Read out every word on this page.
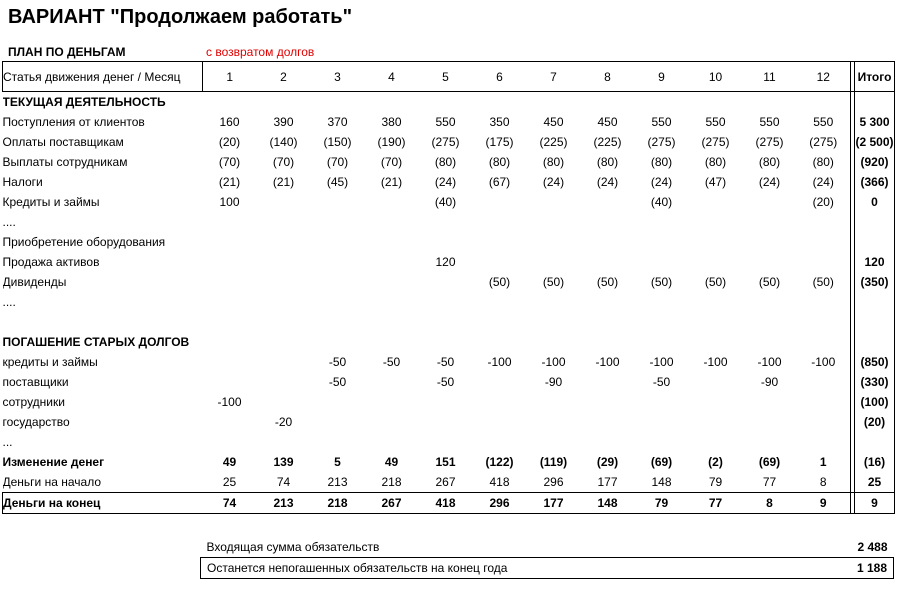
ВАРИАНТ "Продолжаем работать"
ПЛАН ПО ДЕНЬГАМ	с возвратом долгов
Статья движения денег / Месяц	1	2	3	4	5	6	7	8	9	10	11	12		Итого
ТЕКУЩАЯ ДЕЯТЕЛЬНОСТЬ														
Поступления от клиентов	160	390	370	380	550	350	450	450	550	550	550	550		5 300
Оплаты поставщикам	(20)	(140)	(150)	(190)	(275)	(175)	(225)	(225)	(275)	(275)	(275)	(275)		(2 500)
Выплаты сотрудникам	(70)	(70)	(70)	(70)	(80)	(80)	(80)	(80)	(80)	(80)	(80)	(80)		(920)
Налоги	(21)	(21)	(45)	(21)	(24)	(67)	(24)	(24)	(24)	(47)	(24)	(24)		(366)
Кредиты и займы	100				(40)				(40)			(20)		0
....														
Приобретение оборудования														
Продажа активов					120									120
Дивиденды						(50)	(50)	(50)	(50)	(50)	(50)	(50)		(350)
....														

ПОГАШЕНИЕ СТАРЫХ ДОЛГОВ														
кредиты и займы			-50	-50	-50	-100	-100	-100	-100	-100	-100	-100		(850)
поставщики			-50		-50		-90		-50		-90			(330)
сотрудники	-100													(100)
государство		-20												(20)
...														
Изменение денег	49	139	5	49	151	(122)	(119)	(29)	(69)	(2)	(69)	1		(16)
Деньги на начало	25	74	213	218	267	418	296	177	148	79	77	8		25
Деньги на конец	74	213	218	267	418	296	177	148	79	77	8	9		9
Входящая сумма обязательств	2 488
Останется непогашенных обязательств на конец года	1 188
